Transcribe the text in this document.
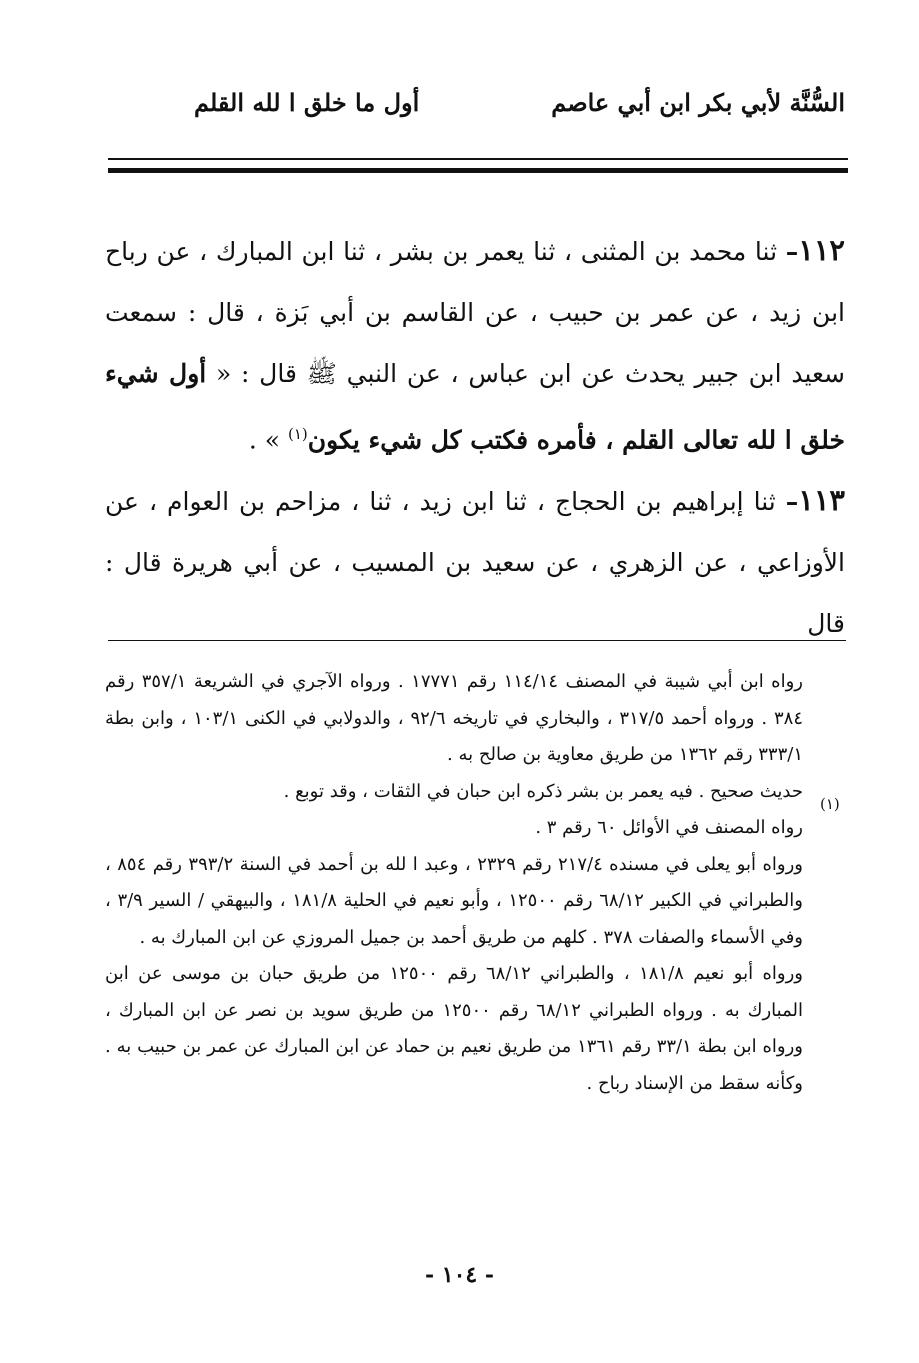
السُّنَّة لأبي بكر ابن أبي عاصم
أول ما خلق ا لله القلم

١١٢– ثنا محمد بن المثنى ، ثنا يعمر بن بشر ، ثنا ابن المبارك ، عن رباح ابن زيد ، عن عمر بن حبيب ، عن القاسم بن أبي بَزة ، قال : سمعت سعيد ابن جبير يحدث عن ابن عباس ، عن النبي ﷺ قال : « أول شيء خلق ا لله تعالى القلم ، فأمره فكتب كل شيء يكون$^{(١)}$ » .

١١٣– ثنا إبراهيم بن الحجاج ، ثنا ابن زيد ، ثنا ، مزاحم بن العوام ، عن الأوزاعي ، عن الزهري ، عن سعيد بن المسيب ، عن أبي هريرة قال : قال

(١)

رواه ابن أبي شيبة في المصنف ١١٤/١٤ رقم ١٧٧٧١ . ورواه الآجري في الشريعة ٣٥٧/١ رقم ٣٨٤ . ورواه أحمد ٣١٧/٥ ، والبخاري في تاريخه ٩٢/٦ ، والدولابي في الكنى ١٠٣/١ ، وابن بطة ٣٣٣/١ رقم ١٣٦٢ من طريق معاوية بن صالح به .

حديث صحيح . فيه يعمر بن بشر ذكره ابن حبان في الثقات ، وقد توبع .

رواه المصنف في الأوائل ٦٠ رقم ٣ .

ورواه أبو يعلى في مسنده ٢١٧/٤ رقم ٢٣٢٩ ، وعبد ا لله بن أحمد في السنة ٣٩٣/٢ رقم ٨٥٤ ، والطبراني في الكبير ٦٨/١٢ رقم ١٢٥٠٠ ، وأبو نعيم في الحلية ١٨١/٨ ، والبيهقي / السير ٣/٩ ، وفي الأسماء والصفات ٣٧٨ . كلهم من طريق أحمد بن جميل المروزي عن ابن المبارك به .

ورواه أبو نعيم ١٨١/٨ ، والطبراني ٦٨/١٢ رقم ١٢٥٠٠ من طريق حبان بن موسى عن ابن المبارك به . ورواه الطبراني ٦٨/١٢ رقم ١٢٥٠٠ من طريق سويد بن نصر عن ابن المبارك ، ورواه ابن بطة ٣٣/١ رقم ١٣٦١ من طريق نعيم بن حماد عن ابن المبارك عن عمر بن حبيب به . وكأنه سقط من الإسناد رباح .

- ١٠٤ -
